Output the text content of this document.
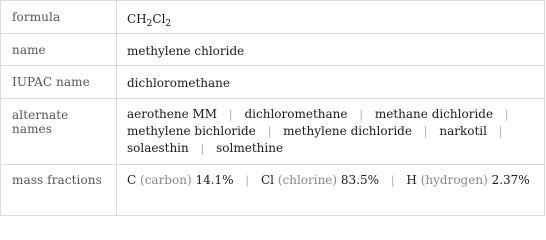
formula	$CH_2Cl_2$
name	methylene chloride
IUPAC name	dichloromethane
alternate names	aerothene MM | dichloromethane | methane dichloride | methylene bichloride | methylene dichloride | narkotil | solaesthin | solmethine
mass fractions	C (carbon) 14.1% | Cl (chlorine) 83.5% | H (hydrogen) 2.37%
